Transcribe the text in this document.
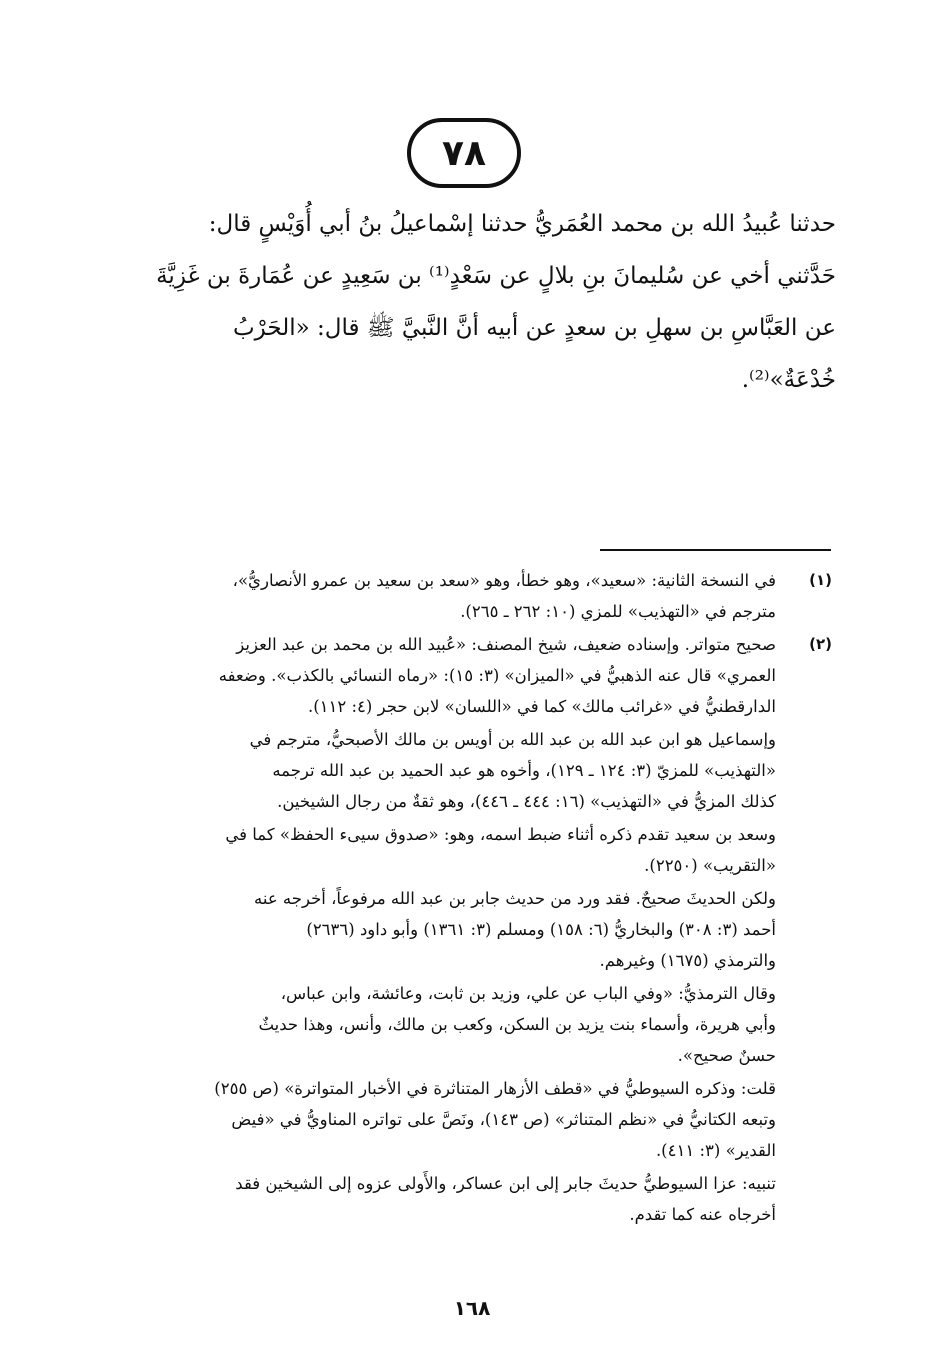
٧٨
حدثنا عُبيدُ الله بن محمد العُمَريُّ حدثنا إسْماعيلُ بنُ أبي أُوَيْسٍ قال:
حَدَّثني أخي عن سُليمانَ بنِ بلالٍ عن سَعْدٍ⁽¹⁾ بن سَعِيدٍ عن عُمَارةَ بن غَزِيَّةَ
عن العَبَّاسِ بن سهلِ بن سعدٍ عن أبيه أنَّ النَّبيَّ ﷺ قال: «الحَرْبُ
خُدْعَةٌ»⁽²⁾.
(١)

في النسخة الثانية: «سعيد»، وهو خطأ، وهو «سعد بن سعيد بن عمرو الأنصاريُّ»،
مترجم في «التهذيب» للمزي (١٠: ٢٦٢ ـ ٢٦٥).

(٢)

صحيح متواتر. وإسناده ضعيف، شيخ المصنف: «عُبيد الله بن محمد بن عبد العزيز
العمري» قال عنه الذهبيُّ في «الميزان» (٣: ١٥): «رماه النسائي بالكذب». وضعفه
الدارقطنيُّ في «غرائب مالك» كما في «اللسان» لابن حجر (٤: ١١٢).

وإسماعيل هو ابن عبد الله بن عبد الله بن أويس بن مالك الأصبحيُّ، مترجم في
«التهذيب» للمزيّ (٣: ١٢٤ ـ ١٢٩)، وأخوه هو عبد الحميد بن عبد الله ترجمه
كذلك المزيُّ في «التهذيب» (١٦: ٤٤٤ ـ ٤٤٦)، وهو ثقةٌ من رجال الشيخين.

وسعد بن سعيد تقدم ذكره أثناء ضبط اسمه، وهو: «صدوق سيىء الحفظ» كما في
«التقريب» (٢٢٥٠).

ولكن الحديثَ صحيحٌ. فقد ورد من حديث جابر بن عبد الله مرفوعاً، أخرجه عنه
أحمد (٣: ٣٠٨) والبخاريُّ (٦: ١٥٨) ومسلم (٣: ١٣٦١) وأبو داود (٢٦٣٦)
والترمذي (١٦٧٥) وغيرهم.

وقال الترمذيُّ: «وفي الباب عن علي، وزيد بن ثابت، وعائشة، وابن عباس،
وأبي هريرة، وأسماء بنت يزيد بن السكن، وكعب بن مالك، وأنس، وهذا حديثٌ
حسنٌ صحيح».

قلت: وذكره السيوطيُّ في «قطف الأزهار المتناثرة في الأخبار المتواترة» (ص ٢٥٥)
وتبعه الكتانيُّ في «نظم المتناثر» (ص ١٤٣)، ونَصَّ على تواتره المناويُّ في «فيض
القدير» (٣: ٤١١).

تنبيه: عزا السيوطيُّ حديثَ جابر إلى ابن عساكر، والأَولى عزوه إلى الشيخين فقد
أخرجاه عنه كما تقدم.

١٦٨
